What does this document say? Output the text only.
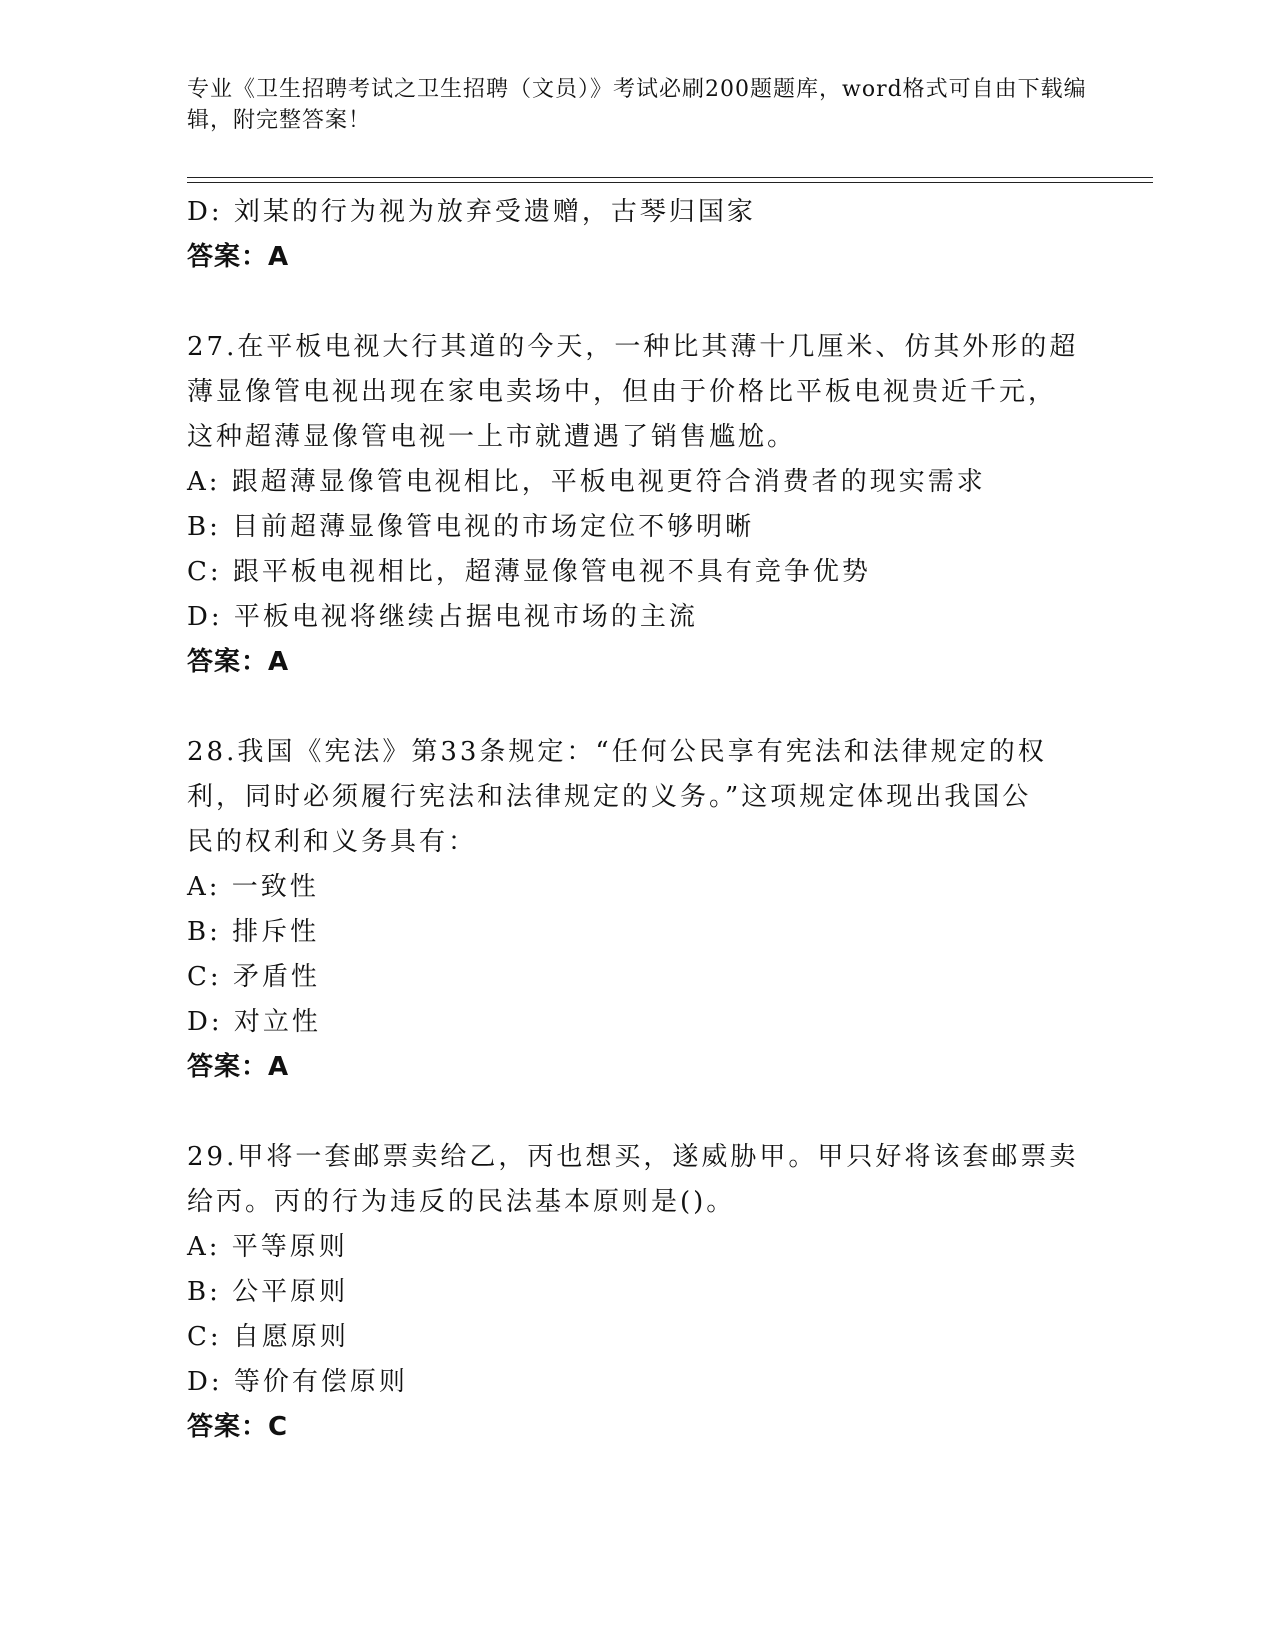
专业《卫生招聘考试之卫生招聘（文员）》考试必刷200题题库，word格式可自由下载编辑，附完整答案！
D: 刘某的行为视为放弃受遗赠，古琴归国家
答案：A
27.在平板电视大行其道的今天，一种比其薄十几厘米、仿其外形的超
薄显像管电视出现在家电卖场中，但由于价格比平板电视贵近千元，
这种超薄显像管电视一上市就遭遇了销售尴尬。
A: 跟超薄显像管电视相比，平板电视更符合消费者的现实需求
B: 目前超薄显像管电视的市场定位不够明晰
C: 跟平板电视相比，超薄显像管电视不具有竞争优势
D: 平板电视将继续占据电视市场的主流
答案：A
28.我国《宪法》第33条规定：“任何公民享有宪法和法律规定的权
利，同时必须履行宪法和法律规定的义务。”这项规定体现出我国公
民的权利和义务具有：
A: 一致性
B: 排斥性
C: 矛盾性
D: 对立性
答案：A
29.甲将一套邮票卖给乙，丙也想买，遂威胁甲。甲只好将该套邮票卖
给丙。丙的行为违反的民法基本原则是()。
A: 平等原则
B: 公平原则
C: 自愿原则
D: 等价有偿原则
答案：C
